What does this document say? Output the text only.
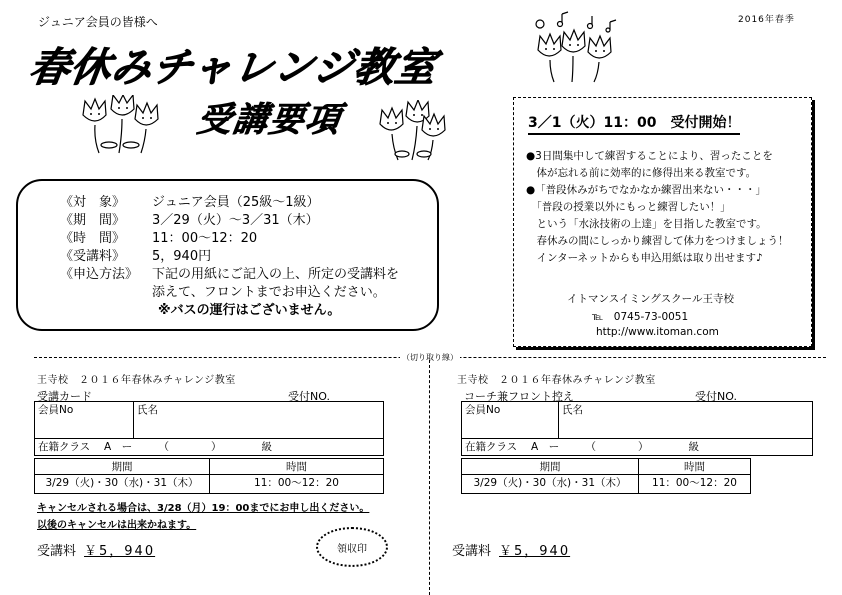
ジュニア会員の皆様へ	2016年春季
春休みチャレンジ教室
受講要項
《対　象》 ジュニア会員（25級～1級）
《期　間》 3／29（火）～3／31（木）
《時　間》 11：00～12：20
《受講料》 5，940円
《申込方法》 下記の用紙にご記入の上、所定の受講料を
添えて、フロントまでお申込ください。
※バスの運行はございません。
3／1（火）11：00　受付開始！
●3日間集中して練習することにより、習ったことを
　体が忘れる前に効率的に修得出来る教室です。
●「普段休みがちでなかなか練習出来ない・・・」
　「普段の授業以外にもっと練習したい！」
　という「水泳技術の上達」を目指した教室です。
　春休みの間にしっかり練習して体力をつけましょう！
　インターネットからも申込用紙は取り出せます♪
イトマンスイミングスクール王寺校
℡　0745-73-0051
http://www.itoman.com
（切り取り線）
王寺校　２０１６年春休みチャレンジ教室
受講カード	受付NO.
会員No	氏名
在籍クラス　 A　ー　　　（　　　　）　　　　 級
期間	時間
3/29（火)・30（水)・31（木）	11：00～12：20
キャンセルされる場合は、3/28（月）19：00までにお申し出ください。
以後のキャンセルは出来かねます。
受講料 ￥5，940	領収印
王寺校　２０１６年春休みチャレンジ教室
コーチ兼フロント控え	受付NO.
会員No	氏名
在籍クラス　 A　ー　　　（　　　　）　　　　 級
期間	時間
3/29（火)・30（水)・31（木）	11：00～12：20
受講料 ￥5，940
